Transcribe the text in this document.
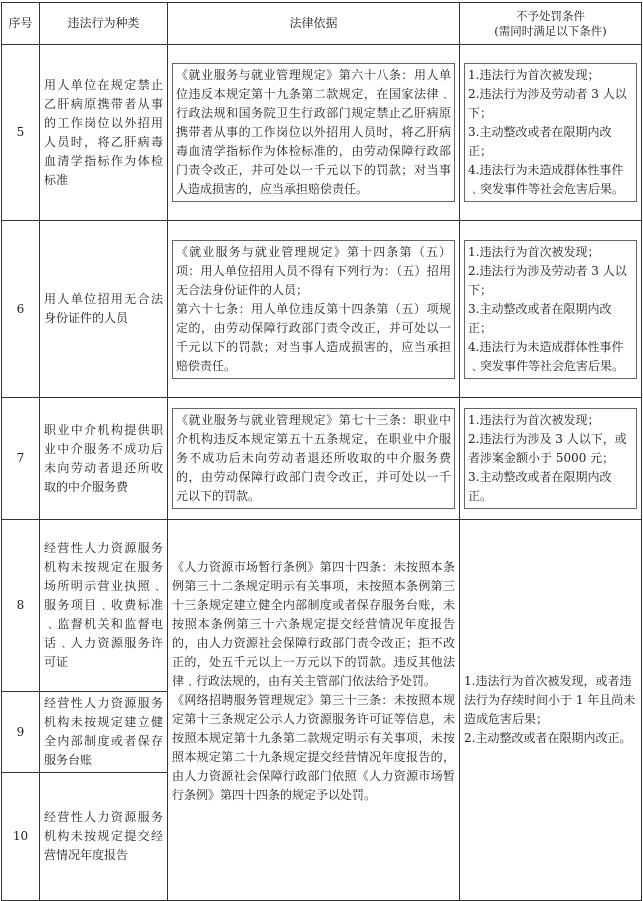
序号	违法行为种类	法律依据	不予处罚条件
(需同时满足以下条件)

5	用人单位在规定禁止乙肝病原携带者从事的工作岗位以外招用人员时，将乙肝病毒血清学指标作为体检标准	《就业服务与就业管理规定》第六十八条：用人单位违反本规定第十九条第二款规定，在国家法律﹑行政法规和国务院卫生行政部门规定禁止乙肝病原携带者从事的工作岗位以外招用人员时，将乙肝病毒血清学指标作为体检标准的，由劳动保障行政部门责令改正，并可处以一千元以下的罚款；对当事人造成损害的，应当承担赔偿责任。	1.违法行为首次被发现；
2.违法行为涉及劳动者 3 人以下；
3.主动整改或者在限期内改正；
4.违法行为未造成群体性事件﹑突发事件等社会危害后果。

6	用人单位招用无合法身份证件的人员	《就业服务与就业管理规定》第十四条第（五）项：用人单位招用人员不得有下列行为：（五）招用无合法身份证件的人员；
第六十七条：用人单位违反第十四条第（五）项规定的，由劳动保障行政部门责令改正，并可处以一千元以下的罚款；对当事人造成损害的，应当承担赔偿责任。	1.违法行为首次被发现；
2.违法行为涉及劳动者 3 人以下；
3.主动整改或者在限期内改正；
4.违法行为未造成群体性事件﹑突发事件等社会危害后果。

7	职业中介机构提供职业中介服务不成功后未向劳动者退还所收取的中介服务费	《就业服务与就业管理规定》第七十三条：职业中介机构违反本规定第五十五条规定，在职业中介服务不成功后未向劳动者退还所收取的中介服务费的，由劳动保障行政部门责令改正，并可处以一千元以下的罚款。	1.违法行为首次被发现；
2.违法行为涉及 3 人以下，或者涉案金额小于 5000 元；
3.主动整改或者在限期内改正。

8	经营性人力资源服务机构未按规定在服务场所明示营业执照﹑服务项目﹑收费标准﹑监督机关和监督电话﹑人力资源服务许可证	《人力资源市场暂行条例》第四十四条：未按照本条例第三十二条规定明示有关事项，未按照本条例第三十三条规定建立健全内部制度或者保存服务台账，未按照本条例第三十六条规定提交经营情况年度报告的，由人力资源社会保障行政部门责令改正；拒不改正的，处五千元以上一万元以下的罚款。违反其他法律﹑行政法规的，由有关主管部门依法给予处罚。
《网络招聘服务管理规定》第三十三条：未按照本规定第十三条规定公示人力资源服务许可证等信息，未按照本规定第十九条第二款规定明示有关事项，未按照本规定第二十九条规定提交经营情况年度报告的，由人力资源社会保障行政部门依照《人力资源市场暂行条例》第四十四条的规定予以处罚。	1.违法行为首次被发现，或者违法行为存续时间小于 1 年且尚未造成危害后果；
2.主动整改或者在限期内改正。

9	经营性人力资源服务机构未按规定建立健全内部制度或者保存服务台账		
10	经营性人力资源服务机构未按规定提交经营情况年度报告		
